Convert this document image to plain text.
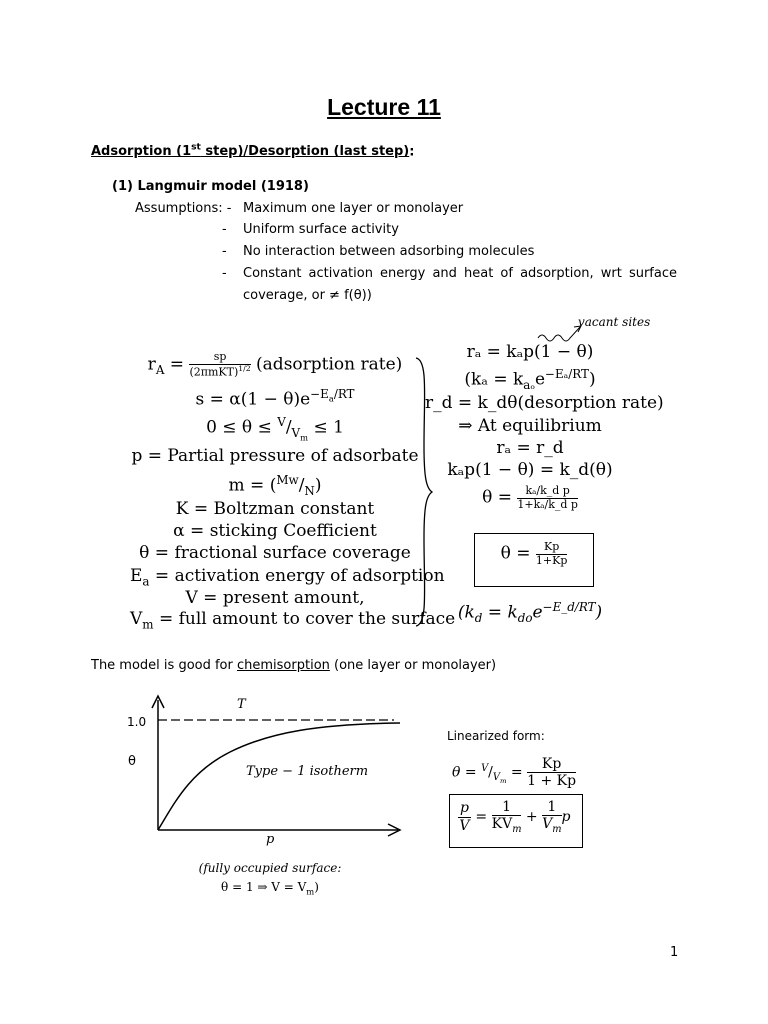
Lecture 11
Adsorption (1st step)/Desorption (last step):
(1) Langmuir model (1918)
Assumptions: - Maximum one layer or monolayer
- Uniform surface activity
- No interaction between adsorbing molecules
- Constant activation energy and heat of adsorption, wrt surface
coverage, or ≠ f(θ))
$r_A = \frac{sp}{(2\pi mKT)^{1/2}}$ (adsorption rate)
$s = \alpha(1 - \theta)e^{-E_a/RT}$
$0 \le \theta \le ^V/_{V_m} \le 1$
p = Partial pressure of adsorbate
$m = (^{Mw}/_N)$
K = Boltzman constant
α = sticking Coefficient
θ = fractional surface coverage
$E_a$ = activation energy of adsorption
V = present amount,
$V_m$ = full amount to cover the surface
vacant sites
rₐ = kₐp(1 − θ)
$(k_a = k_{a_o}e^{-E_a/RT})$
r_d = k_dθ(desorption rate)
⇒ At equilibrium
rₐ = r_d
kₐp(1 − θ) = k_d(θ)
$\theta = \frac{\text{kₐ/k\_d p}}{\text{1+kₐ/k\_d p}}$
$\theta = \frac{Kp}{1+Kp}$
$(k_d = k_{do}e^{-E\_d/RT})$
The model is good for chemisorption (one layer or monolayer)
1.0
θ
T
Type − 1 isotherm
p
(fully occupied surface:
θ = 1 ⇒ $V = V_m$)
Linearized form:
$\theta = ^V/_{V_m} = \frac{Kp}{1 + Kp}$
$\frac{p}{V} = \frac{1}{KV_m} + \frac{1}{V_m}$ p
1
